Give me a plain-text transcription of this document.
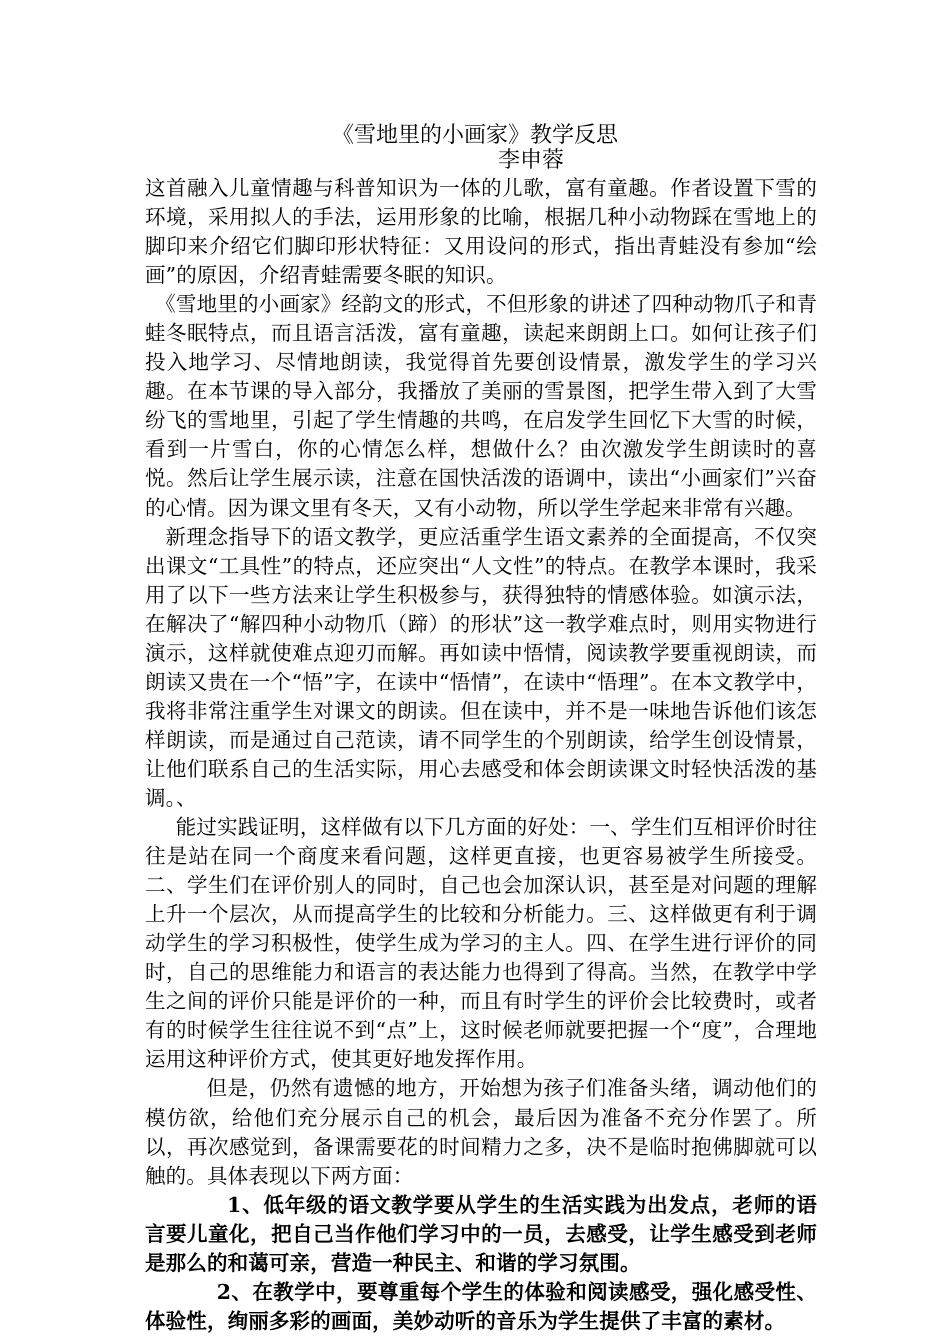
《雪地里的小画家》教学反思
李申蓉

这首融入儿童情趣与科普知识为一体的儿歌，富有童趣。作者设置下雪的环境，采用拟人的手法，运用形象的比喻，根据几种小动物踩在雪地上的脚印来介绍它们脚印形状特征：又用设问的形式，指出青蛙没有参加“绘画”的原因，介绍青蛙需要冬眠的知识。

《雪地里的小画家》经韵文的形式，不但形象的讲述了四种动物爪子和青蛙冬眠特点，而且语言活泼，富有童趣，读起来朗朗上口。如何让孩子们投入地学习、尽情地朗读，我觉得首先要创设情景，激发学生的学习兴趣。在本节课的导入部分，我播放了美丽的雪景图，把学生带入到了大雪纷飞的雪地里，引起了学生情趣的共鸣，在启发学生回忆下大雪的时候，看到一片雪白，你的心情怎么样，想做什么？由次激发学生朗读时的喜悦。然后让学生展示读，注意在国快活泼的语调中，读出“小画家们”兴奋的心情。因为课文里有冬天，又有小动物，所以学生学起来非常有兴趣。

新理念指导下的语文教学，更应活重学生语文素养的全面提高，不仅突出课文“工具性”的特点，还应突出“人文性”的特点。在教学本课时，我采用了以下一些方法来让学生积极参与，获得独特的情感体验。如演示法，在解决了“解四种小动物爪（蹄）的形状”这一教学难点时，则用实物进行演示，这样就使难点迎刃而解。再如读中悟情，阅读教学要重视朗读，而朗读又贵在一个“悟”字，在读中“悟情”，在读中“悟理”。在本文教学中，我将非常注重学生对课文的朗读。但在读中，并不是一味地告诉他们该怎样朗读，而是通过自己范读，请不同学生的个别朗读，给学生创设情景，让他们联系自己的生活实际，用心去感受和体会朗读课文时轻快活泼的基调。、

能过实践证明，这样做有以下几方面的好处：一、学生们互相评价时往往是站在同一个商度来看问题，这样更直接，也更容易被学生所接受。二、学生们在评价别人的同时，自己也会加深认识，甚至是对问题的理解上升一个层次，从而提高学生的比较和分析能力。三、这样做更有利于调动学生的学习积极性，使学生成为学习的主人。四、在学生进行评价的同时，自己的思维能力和语言的表达能力也得到了得高。当然，在教学中学生之间的评价只能是评价的一种，而且有时学生的评价会比较费时，或者有的时候学生往往说不到“点”上，这时候老师就要把握一个“度”，合理地运用这种评价方式，使其更好地发挥作用。

但是，仍然有遗憾的地方，开始想为孩子们准备头绪，调动他们的模仿欲，给他们充分展示自己的机会，最后因为准备不充分作罢了。所以，再次感觉到，备课需要花的时间精力之多，决不是临时抱佛脚就可以触的。具体表现以下两方面：

1、低年级的语文教学要从学生的生活实践为出发点，老师的语言要儿童化，把自己当作他们学习中的一员，去感受，让学生感受到老师是那么的和蔼可亲，营造一种民主、和谐的学习氛围。

2、在教学中，要尊重每个学生的体验和阅读感受，强化感受性、体验性，绚丽多彩的画面，美妙动听的音乐为学生提供了丰富的素材。
